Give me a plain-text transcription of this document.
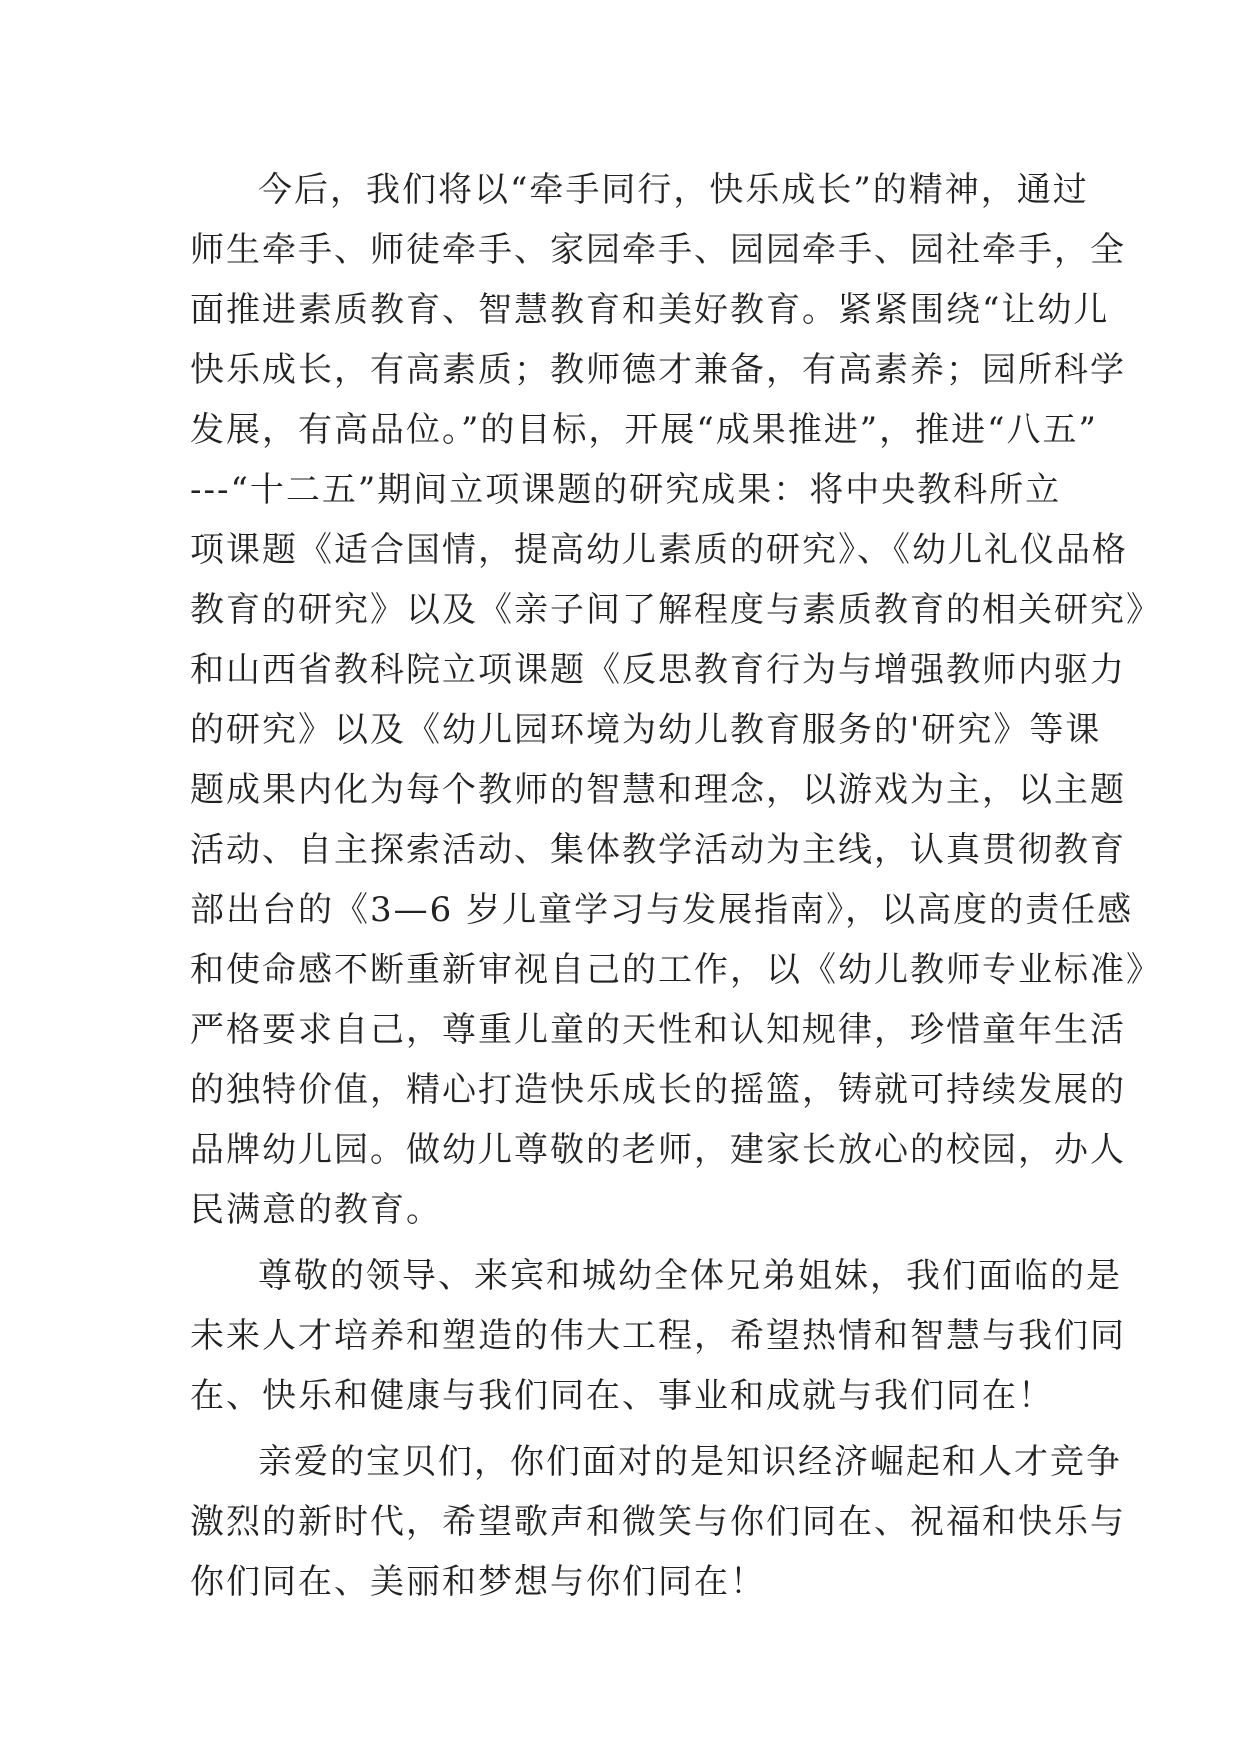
今后，我们将以“牵手同行，快乐成长”的精神，通过
师生牵手、师徒牵手、家园牵手、园园牵手、园社牵手，全
面推进素质教育、智慧教育和美好教育。紧紧围绕“让幼儿
快乐成长，有高素质；教师德才兼备，有高素养；园所科学
发展，有高品位。”的目标，开展“成果推进”，推进“八五”
---“十二五”期间立项课题的研究成果：将中央教科所立
项课题《适合国情，提高幼儿素质的研究》、《幼儿礼仪品格
教育的研究》以及《亲子间了解程度与素质教育的相关研究》
和山西省教科院立项课题《反思教育行为与增强教师内驱力
的研究》以及《幼儿园环境为幼儿教育服务的'研究》等课
题成果内化为每个教师的智慧和理念，以游戏为主，以主题
活动、自主探索活动、集体教学活动为主线，认真贯彻教育
部出台的《3—6 岁儿童学习与发展指南》，以高度的责任感
和使命感不断重新审视自己的工作，以《幼儿教师专业标准》
严格要求自己，尊重儿童的天性和认知规律，珍惜童年生活
的独特价值，精心打造快乐成长的摇篮，铸就可持续发展的
品牌幼儿园。做幼儿尊敬的老师，建家长放心的校园，办人
民满意的教育。
尊敬的领导、来宾和城幼全体兄弟姐妹，我们面临的是
未来人才培养和塑造的伟大工程，希望热情和智慧与我们同
在、快乐和健康与我们同在、事业和成就与我们同在！
亲爱的宝贝们，你们面对的是知识经济崛起和人才竞争
激烈的新时代，希望歌声和微笑与你们同在、祝福和快乐与
你们同在、美丽和梦想与你们同在！
